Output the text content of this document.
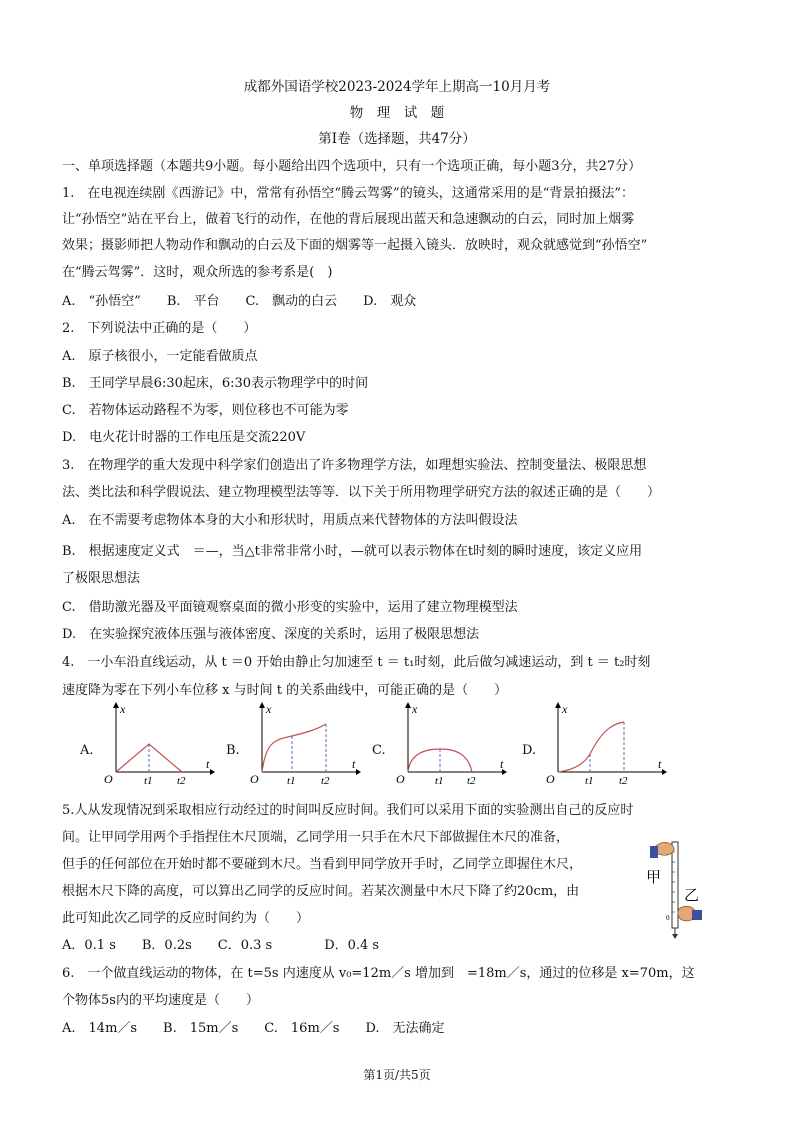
成都外国语学校2023-2024学年上期高一10月月考
物　理　试　题
第Ⅰ卷（选择题，共47分）
一、单项选择题（本题共9小题。每小题给出四个选项中，只有一个选项正确，每小题3分，共27分）
1.　在电视连续剧《西游记》中，常常有孙悟空“腾云驾雾”的镜头，这通常采用的是“背景拍摄法”：
让“孙悟空”站在平台上，做着飞行的动作，在他的背后展现出蓝天和急速飘动的白云，同时加上烟雾
效果；摄影师把人物动作和飘动的白云及下面的烟雾等一起摄入镜头．放映时，观众就感觉到“孙悟空”
在“腾云驾雾”．这时，观众所选的参考系是(　)
A.　“孙悟空”　　B.　平台　　C.　飘动的白云　　D.　观众
2.　下列说法中正确的是（　　）
A.　原子核很小，一定能看做质点
B.　王同学早晨6:30起床，6:30表示物理学中的时间
C.　若物体运动路程不为零，则位移也不可能为零
D.　电火花计时器的工作电压是交流220V
3.　在物理学的重大发现中科学家们创造出了许多物理学方法，如理想实验法、控制变量法、极限思想
法、类比法和科学假说法、建立物理模型法等等．以下关于所用物理学研究方法的叙述正确的是（　　）
A.　在不需要考虑物体本身的大小和形状时，用质点来代替物体的方法叫假设法
B.　根据速度定义式　＝—，当△t非常非常小时，—就可以表示物体在t时刻的瞬时速度，该定义应用
了极限思想法
C.　借助激光器及平面镜观察桌面的微小形变的实验中，运用了建立物理模型法
D.　在实验探究液体压强与液体密度、深度的关系时，运用了极限思想法
4.　一小车沿直线运动，从 t ＝0 开始由静止匀加速至 t ＝ t₁时刻，此后做匀减速运动，到 t ＝ t₂时刻
速度降为零在下列小车位移 x 与时间 t 的关系曲线中，可能正确的是（　　）
A.
x
t
O	t1 t2
B.
x
t
O	t1 t2
C.
x
t
O	t1 t2
D.
x
t
O	t1 t2
5.人从发现情况到采取相应行动经过的时间叫反应时间。我们可以采用下面的实验测出自己的反应时
间。让甲同学用两个手指捏住木尺顶端，乙同学用一只手在木尺下部做握住木尺的准备，
但手的任何部位在开始时都不要碰到木尺。当看到甲同学放开手时，乙同学立即握住木尺，
根据木尺下降的高度，可以算出乙同学的反应时间。若某次测量中木尺下降了约20cm，由
此可知此次乙同学的反应时间约为（　　）
A．0.1 s　　B．0.2s　　C．0.3 s　　　　D．0.4 s
甲
乙
0
6.　一个做直线运动的物体，在 t=5s 内速度从 v₀=12m／s 增加到　=18m／s，通过的位移是 x=70m，这
个物体5s内的平均速度是（　　）
A.　14m／s　　B.　15m／s　　C.　16m／s　　D.　无法确定
第1页/共5页
